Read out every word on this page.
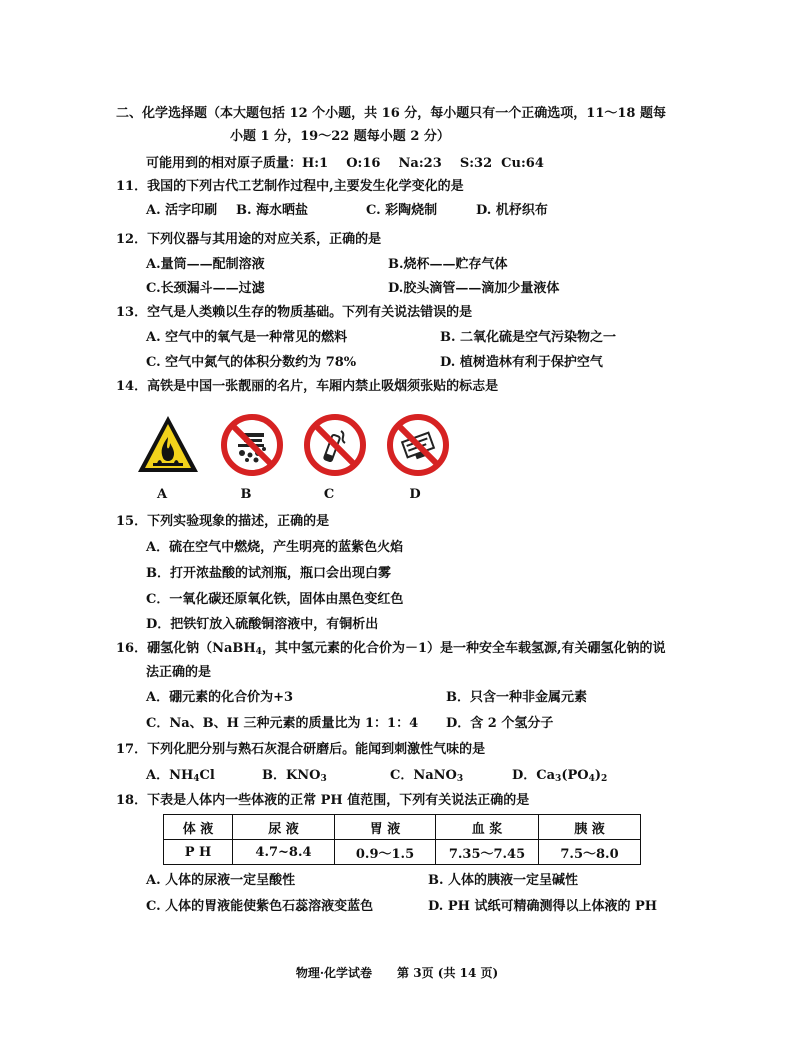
二、化学选择题（本大题包括 12 个小题，共 16 分，每小题只有一个正确选项，11～18 题每
小题 1 分，19～22 题每小题 2 分）
可能用到的相对原子质量：H:1    O:16    Na:23    S:32  Cu:64
11．我国的下列古代工艺制作过程中,主要发生化学变化的是
A. 活字印刷 B. 海水晒盐	C. 彩陶烧制	D. 机杼织布
12．下列仪器与其用途的对应关系，正确的是
A.量筒——配制溶液	B.烧杯——贮存气体
C.长颈漏斗——过滤	D.胶头滴管——滴加少量液体
13．空气是人类赖以生存的物质基础。下列有关说法错误的是
A. 空气中的氧气是一种常见的燃料	B. 二氧化硫是空气污染物之一
C. 空气中氮气的体积分数约为 78%	D. 植树造林有利于保护空气
14．高铁是中国一张靓丽的名片，车厢内禁止吸烟须张贴的标志是
A	B	C	D
15．下列实验现象的描述，正确的是
A．硫在空气中燃烧，产生明亮的蓝紫色火焰
B．打开浓盐酸的试剂瓶，瓶口会出现白雾
C．一氧化碳还原氧化铁，固体由黑色变红色
D．把铁钉放入硫酸铜溶液中，有铜析出
16．硼氢化钠（NaBH$_4$，其中氢元素的化合价为－1）是一种安全车载氢源,有关硼氢化钠的说
法正确的是
A．硼元素的化合价为+3	B．只含一种非金属元素
C．Na、B、H 三种元素的质量比为 1：1：4 D．含 2 个氢分子
17．下列化肥分别与熟石灰混合研磨后。能闻到刺激性气味的是
A．$NH_4Cl$	B．$KNO_3$	C．NaNO$_3$	D．$Ca_3(PO_4)_2$
18．下表是人体内一些体液的正常 PH 值范围，下列有关说法正确的是
体 液	尿 液	胃 液	血 浆	胰 液
P H	4.7~8.4	0.9～1.5	7.35～7.45	7.5～8.0
A. 人体的尿液一定呈酸性	B. 人体的胰液一定呈碱性
C. 人体的胃液能使紫色石蕊溶液变蓝色	D. PH 试纸可精确测得以上体液的 PH
物理·化学试卷      第 3页 (共 14 页)
